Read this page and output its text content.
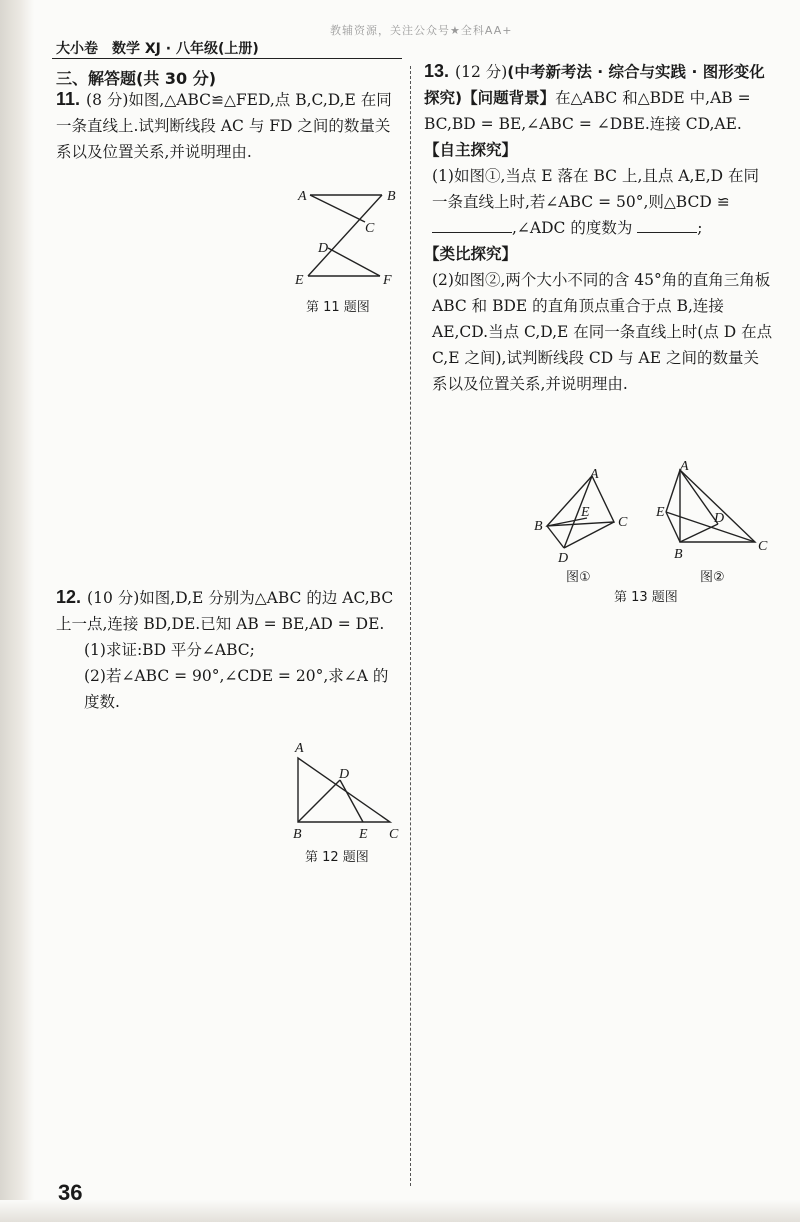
教辅资源，关注公众号★全科AA+
大小卷　数学 XJ · 八年级(上册)
三、解答题(共 30 分)

11. (8 分)如图,△ABC≌△FED,点 B,C,D,E 在同一条直线上.试判断线段 AC 与 FD 之间的数量关系以及位置关系,并说明理由.

A	B
C
D
E	F
第 11 题图

12. (10 分)如图,D,E 分别为△ABC 的边 AC,BC 上一点,连接 BD,DE.已知 AB = BE,AD = DE.

(1)求证:BD 平分∠ABC;

(2)若∠ABC = 90°,∠CDE = 20°,求∠A 的度数.

A
D
B	E C
第 12 题图

13. (12 分)(中考新考法 · 综合与实践 · 图形变化探究)【问题背景】在△ABC 和△BDE 中,AB = BC,BD = BE,∠ABC = ∠DBE.连接 CD,AE.

【自主探究】

(1)如图①,当点 E 落在 BC 上,且点 A,E,D 在同一条直线上时,若∠ABC = 50°,则△BCD ≌ ,∠ADC 的度数为	;

【类比探究】

(2)如图②,两个大小不同的含 45°角的直角三角板 ABC 和 BDE 的直角顶点重合于点 B,连接 AE,CD.当点 C,D,E 在同一条直线上时(点 D 在点 C,E 之间),试判断线段 CD 与 AE 之间的数量关系以及位置关系,并说明理由.

A
B	C
E
D
图①
A
E	D
B
C
图②
第 13 题图
36
